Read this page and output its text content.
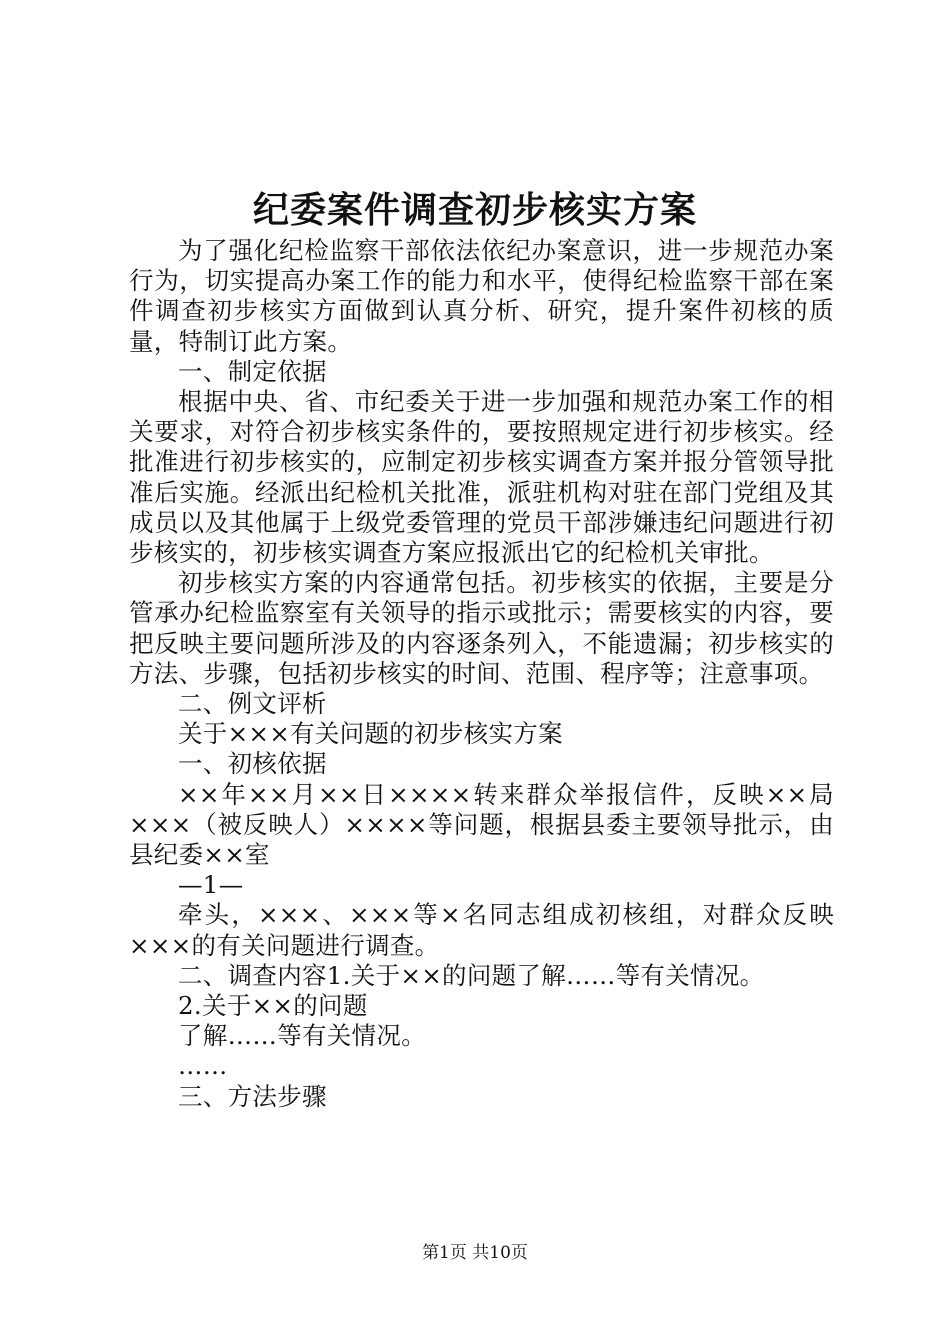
纪委案件调查初步核实方案

为了强化纪检监察干部依法依纪办案意识，进一步规范办案行为，切实提高办案工作的能力和水平，使得纪检监察干部在案件调查初步核实方面做到认真分析、研究，提升案件初核的质量，特制订此方案。

一、制定依据

根据中央、省、市纪委关于进一步加强和规范办案工作的相关要求，对符合初步核实条件的，要按照规定进行初步核实。经批准进行初步核实的，应制定初步核实调查方案并报分管领导批准后实施。经派出纪检机关批准，派驻机构对驻在部门党组及其成员以及其他属于上级党委管理的党员干部涉嫌违纪问题进行初步核实的，初步核实调查方案应报派出它的纪检机关审批。

初步核实方案的内容通常包括。初步核实的依据，主要是分管承办纪检监察室有关领导的指示或批示；需要核实的内容，要把反映主要问题所涉及的内容逐条列入，不能遗漏；初步核实的方法、步骤，包括初步核实的时间、范围、程序等；注意事项。

二、例文评析

关于×××有关问题的初步核实方案

一、初核依据

××年××月××日××××转来群众举报信件，反映××局×××（被反映人）××××等问题，根据县委主要领导批示，由县纪委××室

—1—

牵头，×××、×××等×名同志组成初核组，对群众反映×××的有关问题进行调查。

二、调查内容1.关于××的问题了解……等有关情况。

2.关于××的问题

了解……等有关情况。

……

三、方法步骤

第1页 共10页
